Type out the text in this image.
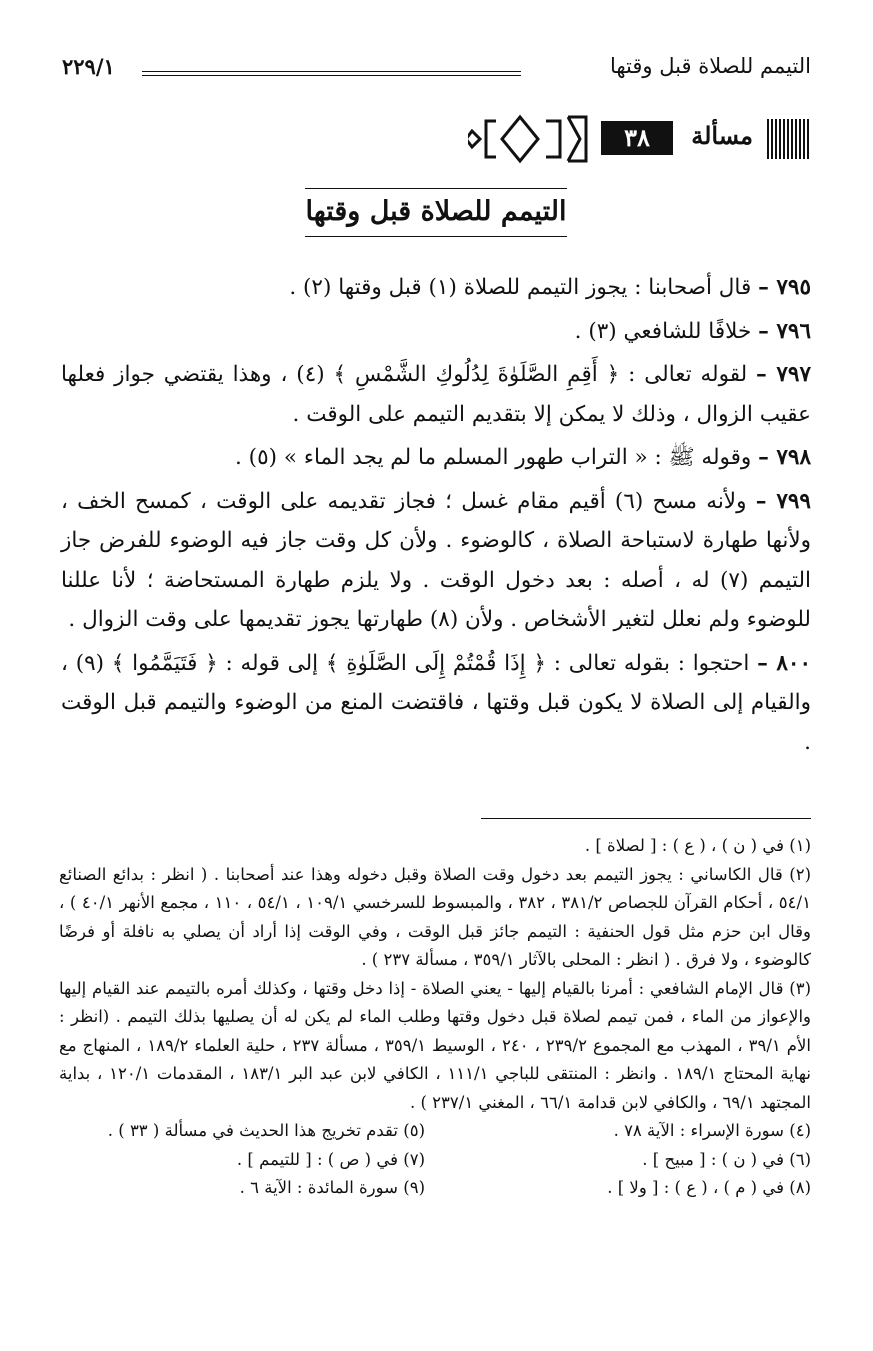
التيمم للصلاة قبل وقتها
٢٢٩/١
مسألة
٣٨
التيمم للصلاة قبل وقتها

٧٩٥ – قال أصحابنا : يجوز التيمم للصلاة (١) قبل وقتها (٢) .

٧٩٦ – خلافًا للشافعي (٣) .

٧٩٧ – لقوله تعالى : ﴿ أَقِمِ الصَّلَوٰةَ لِدُلُوكِ الشَّمْسِ ﴾ (٤) ، وهذا يقتضي جواز فعلها عقيب الزوال ، وذلك لا يمكن إلا بتقديم التيمم على الوقت .

٧٩٨ – وقوله ﷺ : « التراب طهور المسلم ما لم يجد الماء » (٥) .

٧٩٩ – ولأنه مسح (٦) أقيم مقام غسل ؛ فجاز تقديمه على الوقت ، كمسح الخف ، ولأنها طهارة لاستباحة الصلاة ، كالوضوء . ولأن كل وقت جاز فيه الوضوء للفرض جاز التيمم (٧) له ، أصله : بعد دخول الوقت . ولا يلزم طهارة المستحاضة ؛ لأنا عللنا للوضوء ولم نعلل لتغير الأشخاص . ولأن (٨) طهارتها يجوز تقديمها على وقت الزوال .

٨٠٠ – احتجوا : بقوله تعالى : ﴿ إِذَا قُمْتُمْ إِلَى الصَّلَوٰةِ ﴾ إلى قوله : ﴿ فَتَيَمَّمُوا ﴾ (٩) ، والقيام إلى الصلاة لا يكون قبل وقتها ، فاقتضت المنع من الوضوء والتيمم قبل الوقت .

(١) في ( ن ) ، ( ع ) : [ لصلاة ] .

(٢) قال الكاساني : يجوز التيمم بعد دخول وقت الصلاة وقبل دخوله وهذا عند أصحابنا . ( انظر : بدائع الصنائع ٥٤/١ ، أحكام القرآن للجصاص ٣٨١/٢ ، ٣٨٢ ، والمبسوط للسرخسي ١٠٩/١ ، ٥٤/١ ، ١١٠ ، مجمع الأنهر ٤٠/١ ) ، وقال ابن حزم مثل قول الحنفية : التيمم جائز قبل الوقت ، وفي الوقت إذا أراد أن يصلي به نافلة أو فرضًا كالوضوء ، ولا فرق . ( انظر : المحلى بالآثار ٣٥٩/١ ، مسألة ٢٣٧ ) .

(٣) قال الإمام الشافعي : أمرنا بالقيام إليها - يعني الصلاة - إذا دخل وقتها ، وكذلك أمره بالتيمم عند القيام إليها والإعواز من الماء ، فمن تيمم لصلاة قبل دخول وقتها وطلب الماء لم يكن له أن يصليها بذلك التيمم . (انظر : الأم ٣٩/١ ، المهذب مع المجموع ٢٣٩/٢ ، ٢٤٠ ، الوسيط ٣٥٩/١ ، مسألة ٢٣٧ ، حلية العلماء ١٨٩/٢ ، المنهاج مع نهاية المحتاج ١٨٩/١ . وانظر : المنتقى للباجي ١١١/١ ، الكافي لابن عبد البر ١٨٣/١ ، المقدمات ١٢٠/١ ، بداية المجتهد ٦٩/١ ، والكافي لابن قدامة ٦٦/١ ، المغني ٢٣٧/١ ) .

(٤) سورة الإسراء : الآية ٧٨ .

(٥) تقدم تخريج هذا الحديث في مسألة ( ٣٣ ) .

(٦) في ( ن ) : [ مبيح ] .

(٧) في ( ص ) : [ للتيمم ] .

(٨) في ( م ) ، ( ع ) : [ ولا ] .

(٩) سورة المائدة : الآية ٦ .
